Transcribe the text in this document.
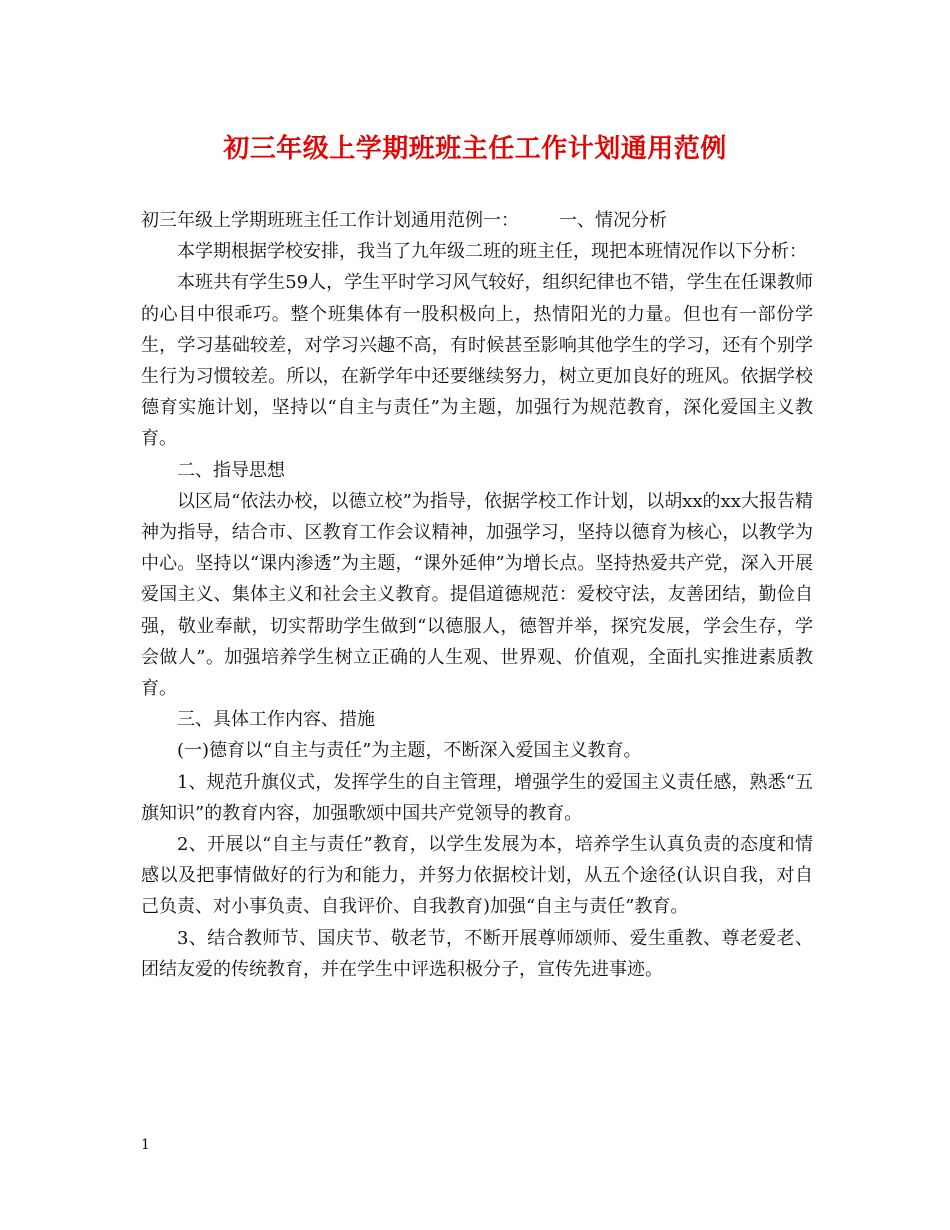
初三年级上学期班班主任工作计划通用范例

初三年级上学期班班主任工作计划通用范例一： 一、情况分析

本学期根据学校安排，我当了九年级二班的班主任，现把本班情况作以下分析：

本班共有学生59人，学生平时学习风气较好，组织纪律也不错，学生在任课教师的心目中很乖巧。整个班集体有一股积极向上，热情阳光的力量。但也有一部份学生，学习基础较差，对学习兴趣不高，有时候甚至影响其他学生的学习，还有个别学生行为习惯较差。所以，在新学年中还要继续努力，树立更加良好的班风。依据学校德育实施计划，坚持以“自主与责任”为主题，加强行为规范教育，深化爱国主义教育。

二、指导思想

以区局“依法办校，以德立校”为指导，依据学校工作计划，以胡xx的xx大报告精神为指导，结合市、区教育工作会议精神，加强学习，坚持以德育为核心，以教学为中心。坚持以“课内渗透”为主题，“课外延伸”为增长点。坚持热爱共产党，深入开展爱国主义、集体主义和社会主义教育。提倡道德规范：爱校守法，友善团结，勤俭自强，敬业奉献，切实帮助学生做到“以德服人，德智并举，探究发展，学会生存，学会做人”。加强培养学生树立正确的人生观、世界观、价值观，全面扎实推进素质教育。

三、具体工作内容、措施

(一)德育以“自主与责任”为主题，不断深入爱国主义教育。

1、规范升旗仪式，发挥学生的自主管理，增强学生的爱国主义责任感，熟悉“五旗知识”的教育内容，加强歌颂中国共产党领导的教育。

2、开展以“自主与责任”教育，以学生发展为本，培养学生认真负责的态度和情感以及把事情做好的行为和能力，并努力依据校计划，从五个途径(认识自我，对自己负责、对小事负责、自我评价、自我教育)加强“自主与责任”教育。

3、结合教师节、国庆节、敬老节，不断开展尊师颂师、爱生重教、尊老爱老、团结友爱的传统教育，并在学生中评选积极分子，宣传先进事迹。

1
